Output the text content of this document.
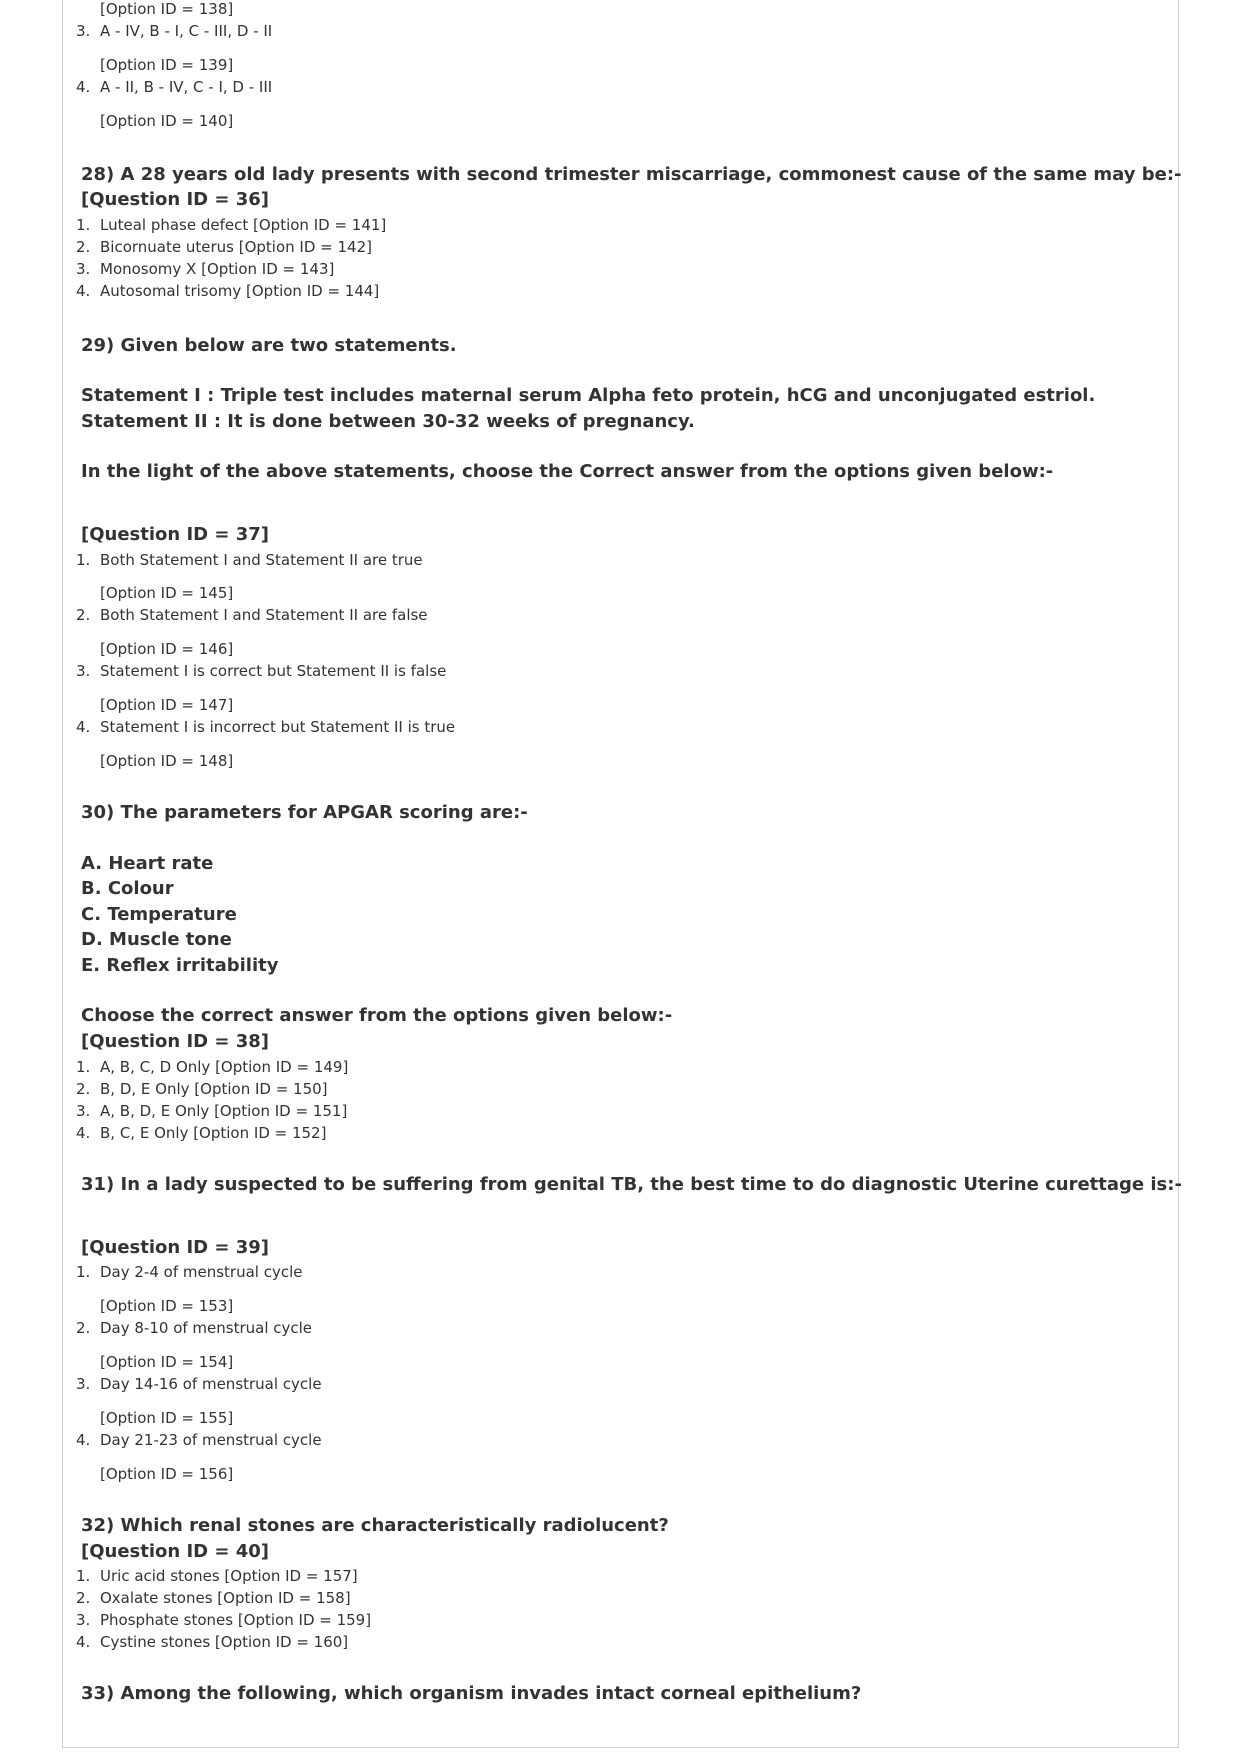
[Option ID = 138]
3. A - IV, B - I, C - III, D - II
[Option ID = 139]
4. A - II, B - IV, C - I, D - III
[Option ID = 140]
28) A 28 years old lady presents with second trimester miscarriage, commonest cause of the same may be:-
[Question ID = 36]
1. Luteal phase defect [Option ID = 141]
2. Bicornuate uterus [Option ID = 142]
3. Monosomy X [Option ID = 143]
4. Autosomal trisomy [Option ID = 144]
29) Given below are two statements.
Statement I : Triple test includes maternal serum Alpha feto protein, hCG and unconjugated estriol.
Statement II : It is done between 30-32 weeks of pregnancy.
In the light of the above statements, choose the Correct answer from the options given below:-
[Question ID = 37]
1. Both Statement I and Statement II are true
[Option ID = 145]
2. Both Statement I and Statement II are false
[Option ID = 146]
3. Statement I is correct but Statement II is false
[Option ID = 147]
4. Statement I is incorrect but Statement II is true
[Option ID = 148]
30) The parameters for APGAR scoring are:-
A. Heart rate
B. Colour
C. Temperature
D. Muscle tone
E. Reflex irritability
Choose the correct answer from the options given below:-
[Question ID = 38]
1. A, B, C, D Only [Option ID = 149]
2. B, D, E Only [Option ID = 150]
3. A, B, D, E Only [Option ID = 151]
4. B, C, E Only [Option ID = 152]
31) In a lady suspected to be suffering from genital TB, the best time to do diagnostic Uterine curettage is:-
[Question ID = 39]
1. Day 2-4 of menstrual cycle
[Option ID = 153]
2. Day 8-10 of menstrual cycle
[Option ID = 154]
3. Day 14-16 of menstrual cycle
[Option ID = 155]
4. Day 21-23 of menstrual cycle
[Option ID = 156]
32) Which renal stones are characteristically radiolucent?
[Question ID = 40]
1. Uric acid stones [Option ID = 157]
2. Oxalate stones [Option ID = 158]
3. Phosphate stones [Option ID = 159]
4. Cystine stones [Option ID = 160]
33) Among the following, which organism invades intact corneal epithelium?
